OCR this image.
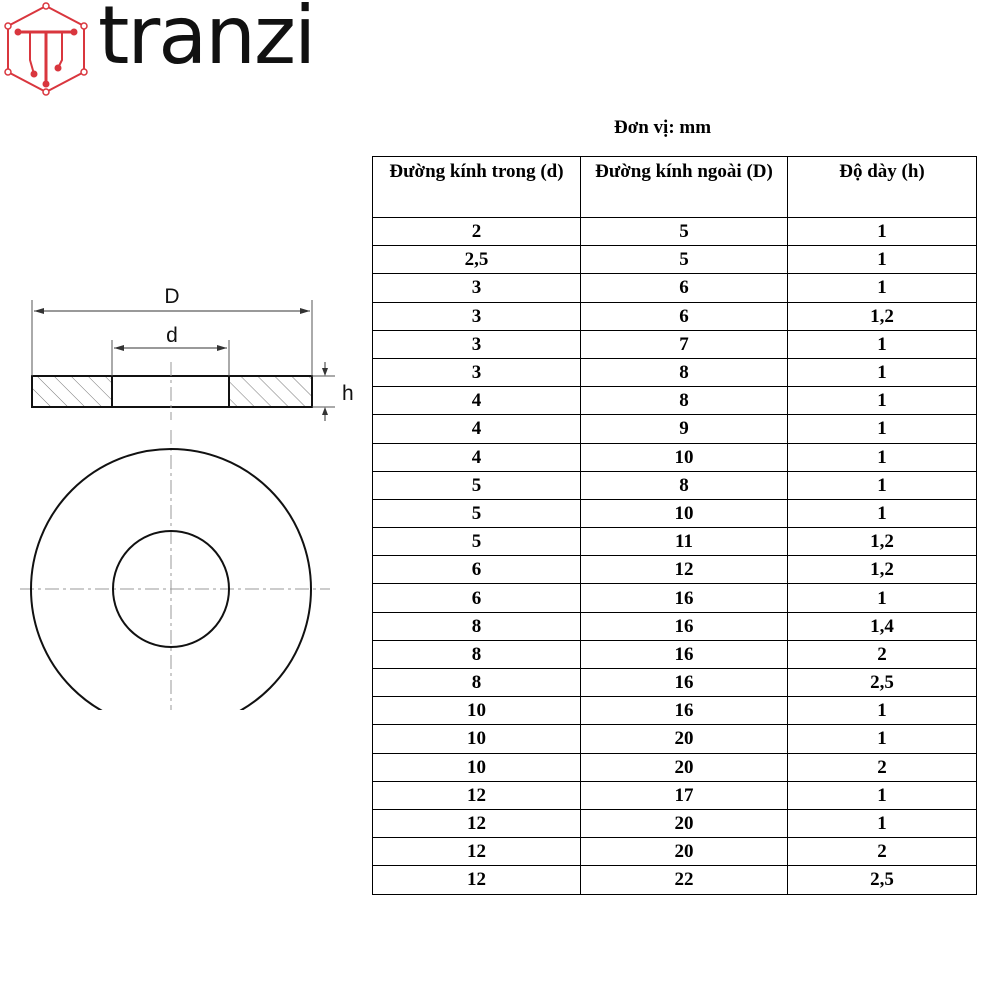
tranzi
Đơn vị: mm
D
d
h
Đường kính trong (d)	Đường kính ngoài (D)	Độ dày (h)
2	5	1
2,5	5	1
3	6	1
3	6	1,2
3	7	1
3	8	1
4	8	1
4	9	1
4	10	1
5	8	1
5	10	1
5	11	1,2
6	12	1,2
6	16	1
8	16	1,4
8	16	2
8	16	2,5
10	16	1
10	20	1
10	20	2
12	17	1
12	20	1
12	20	2
12	22	2,5
